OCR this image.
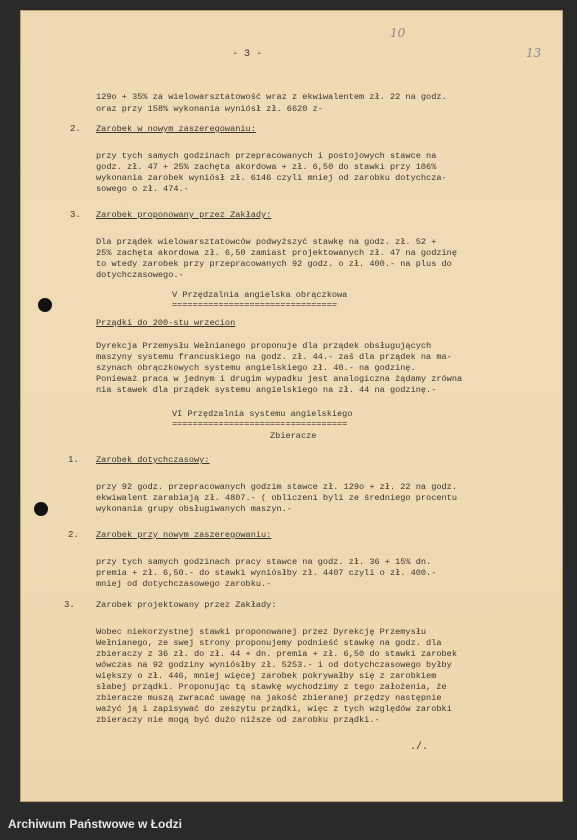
- 3 -
10
13
129o + 35% za wielowarsztatowość wraz z ekwiwalentem zł. 22 na godz.
oraz przy 158% wykonania wyniósł zł. 6620 z-
2. Zarobek w nowym zaszeregowaniu:
przy tych samych godzinach przepracowanych i postojowych stawce na
godz. zł. 47 + 25% zachęta akordowa + zł. 6,50 do stawki przy 106%
wykonania zarobek wyniósł zł. 6146 czyli mniej od zarobku dotychcza-
sowego o zł. 474.-
3. Zarobek proponowany przez Zakłady:
Dla prządek wielowarsztatowców podwyższyć stawkę na godz. zł. 52 +
25% zachęta akordowa zł. 6,50 zamiast projektowanych zł. 47 na godzinę
to wtedy zarobek przy przepracowanych 92 godz. o zł. 400.- na plus do
dotychczasowego.-
V Przędzalnia angielska obrączkowa
================================
Prządki do 200-stu wrzecion
Dyrekcja Przemysłu Wełnianego proponuje dla prządek obsługujących
maszyny systemu francuskiego na godz. zł. 44.- zaś dla prządek na ma-
szynach obrączkowych systemu angielskiego zł. 40.- na godzinę.
Ponieważ praca w jednym i drugim wypadku jest analogiczna żądamy zrówna
nia stawek dla prządek systemu angielskiego na zł. 44 na godzinę.-
VI Przędzalnia systemu angielskiego
==================================
Zbieracze
1. Zarobek dotychczasowy:
przy 92 godz. przepracowanych godzim stawce zł. 129o + zł. 22 na godz.
ekwiwalent zarabiają zł. 4807.- ( obliczeni byli ze średniego procentu
wykonania grupy obsługiwanych maszyn.-
2. Zarobek przy nowym zaszeregowaniu:
przy tych samych godzinach pracy stawce na godz. zł. 36 + 15% dn.
premia + zł. 6,50.- do stawki wyniósłby zł. 4407 czyli o zł. 400.-
mniej od dotychczasowego zarobku.-
3. Zarobek projektowany przez Zakłady:
Wobec niekorzystnej stawki proponowanej przez Dyrekcję Przemysłu
Wełnianego, ze swej strony proponujemy podnieść stawkę na godz. dla
zbieraczy z 36 zł. do zł. 44 + dn. premia + zł. 6,50 do stawki zarobek
wówczas na 92 godziny wyniósłby zł. 5253.- i od dotychczasowego byłby
większy o zł. 446, mniej więcej zarobek pokrywałby się z zarobkiem
słabej prządki. Proponując tą stawkę wychodzimy z tego założenia, że
zbieracze muszą zwracać uwagę na jakość zbieranej przędzy następnie
ważyć ją i zapisywać do zeszytu prządki, więc z tych względów zarobki
zbieraczy nie mogą być dużo niższe od zarobku prządki.-
./.
Archiwum Państwowe w Łodzi
